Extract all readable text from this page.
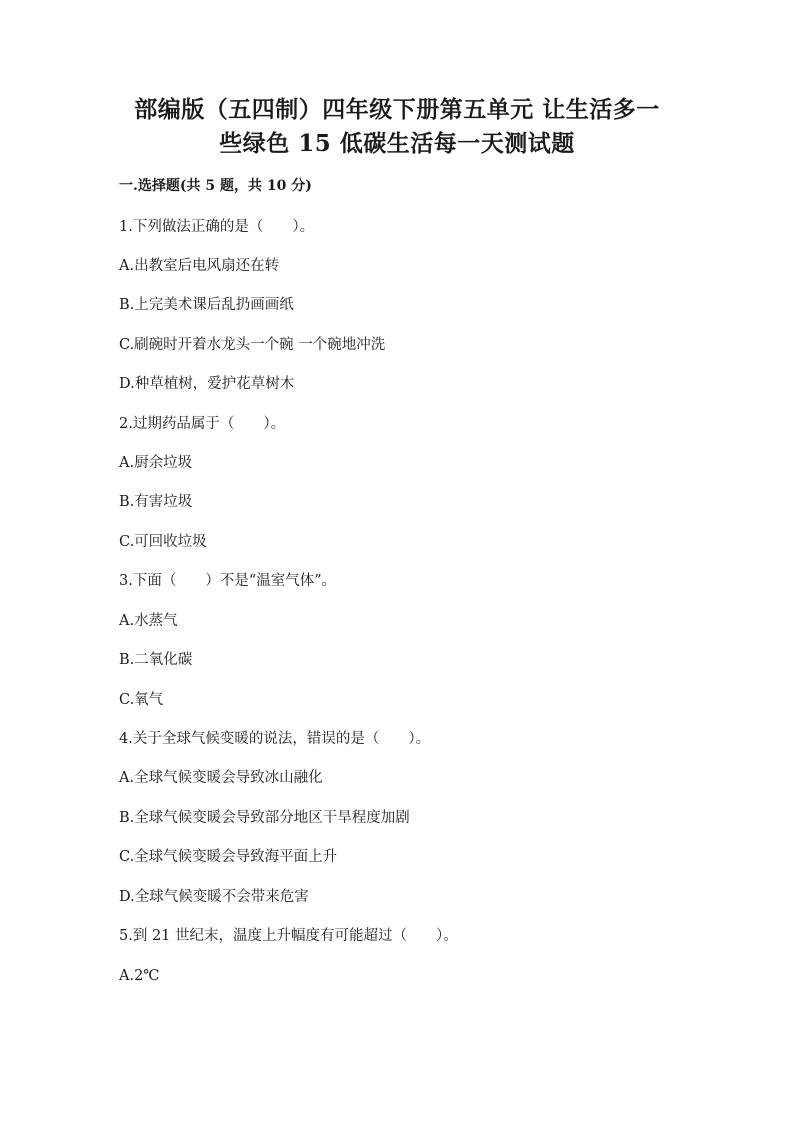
部编版（五四制）四年级下册第五单元 让生活多一
些绿色 15 低碳生活每一天测试题
一.选择题(共 5 题，共 10 分)
1.下列做法正确的是（　　）。
A.出教室后电风扇还在转
B.上完美术课后乱扔画画纸
C.刷碗时开着水龙头一个碗 一个碗地冲洗
D.种草植树，爱护花草树木
2.过期药品属于（　　）。
A.厨余垃圾
B.有害垃圾
C.可回收垃圾
3.下面（　　）不是“温室气体”。
A.水蒸气
B.二氧化碳
C.氧气
4.关于全球气候变暖的说法，错误的是（　　）。
A.全球气候变暖会导致冰山融化
B.全球气候变暖会导致部分地区干旱程度加剧
C.全球气候变暖会导致海平面上升
D.全球气候变暖不会带来危害
5.到 21 世纪末，温度上升幅度有可能超过（　　）。
A.2℃
